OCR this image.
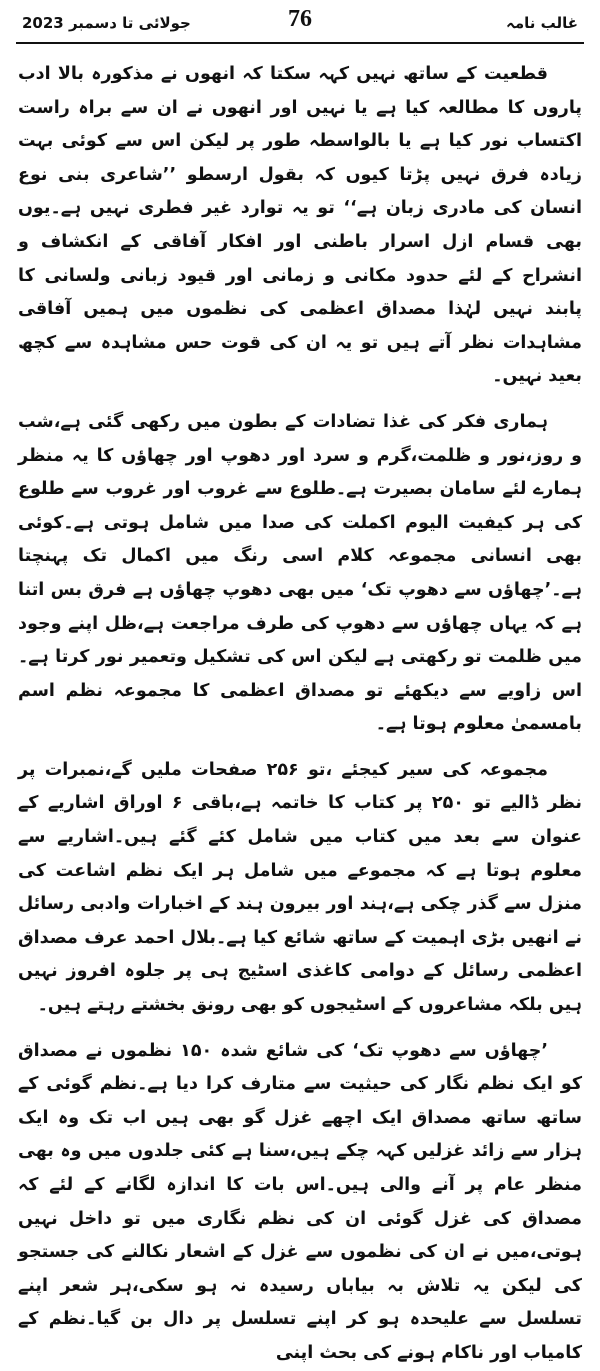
جولائی تا دسمبر 2023	76	غالب نامہ

قطعیت کے ساتھ نہیں کہہ سکتا کہ انھوں نے مذکورہ بالا ادب پاروں کا مطالعہ کیا ہے یا نہیں اور انھوں نے ان سے براہ راست اکتساب نور کیا ہے یا بالواسطہ طور پر لیکن اس سے کوئی بہت زیادہ فرق نہیں پڑتا کیوں کہ بقول ارسطو ’’شاعری بنی نوع انسان کی مادری زبان ہے‘‘ تو یہ توارد غیر فطری نہیں ہے۔یوں بھی قسام ازل اسرار باطنی اور افکار آفاقی کے انکشاف و انشراح کے لئے حدود مکانی و زمانی اور قیود زبانی ولسانی کا پابند نہیں لہٰذا مصداق اعظمی کی نظموں میں ہمیں آفاقی مشاہدات نظر آتے ہیں تو یہ ان کی قوت حس مشاہدہ سے کچھ بعید نہیں۔

ہماری فکر کی غذا تضادات کے بطون میں رکھی گئی ہے،شب و روز،نور و ظلمت،گرم و سرد اور دھوپ اور چھاؤں کا یہ منظر ہمارے لئے سامان بصیرت ہے۔طلوع سے غروب اور غروب سے طلوع کی ہر کیفیت الیوم اکملت کی صدا میں شامل ہوتی ہے۔کوئی بھی انسانی مجموعہ کلام اسی رنگ میں اکمال تک پہنچتا ہے۔’چھاؤں سے دھوپ تک‘ میں بھی دھوپ چھاؤں ہے فرق بس اتنا ہے کہ یہاں چھاؤں سے دھوپ کی طرف مراجعت ہے،ظل اپنے وجود میں ظلمت تو رکھتی ہے لیکن اس کی تشکیل وتعمیر نور کرتا ہے۔اس زاویے سے دیکھئے تو مصداق اعظمی کا مجموعہ نظم اسم بامسمیٰ معلوم ہوتا ہے۔

مجموعہ کی سیر کیجئے ،تو ۲۵۶ صفحات ملیں گے،نمبرات پر نظر ڈالیے تو ۲۵۰ پر کتاب کا خاتمہ ہے،باقی ۶ اوراق اشاریے کے عنوان سے بعد میں کتاب میں شامل کئے گئے ہیں۔اشاریے سے معلوم ہوتا ہے کہ مجموعے میں شامل ہر ایک نظم اشاعت کی منزل سے گذر چکی ہے،ہند اور بیرون ہند کے اخبارات وادبی رسائل نے انھیں بڑی اہمیت کے ساتھ شائع کیا ہے۔بلال احمد عرف مصداق اعظمی رسائل کے دوامی کاغذی اسٹیج ہی پر جلوہ افروز نہیں ہیں بلکہ مشاعروں کے اسٹیجوں کو بھی رونق بخشتے رہتے ہیں۔

’چھاؤں سے دھوپ تک‘ کی شائع شدہ ۱۵۰ نظموں نے مصداق کو ایک نظم نگار کی حیثیت سے متارف کرا دیا ہے۔نظم گوئی کے ساتھ ساتھ مصداق ایک اچھے غزل گو بھی ہیں اب تک وہ ایک ہزار سے زائد غزلیں کہہ چکے ہیں،سنا ہے کئی جلدوں میں وہ بھی منظر عام پر آنے والی ہیں۔اس بات کا اندازہ لگانے کے لئے کہ مصداق کی غزل گوئی ان کی نظم نگاری میں تو داخل نہیں ہوتی،میں نے ان کی نظموں سے غزل کے اشعار نکالنے کی جستجو کی لیکن یہ تلاش بہ بیاباں رسیدہ نہ ہو سکی،ہر شعر اپنے تسلسل سے علیحدہ ہو کر اپنے تسلسل پر دال بن گیا۔نظم کے کامیاب اور ناکام ہونے کی بحث اپنی
